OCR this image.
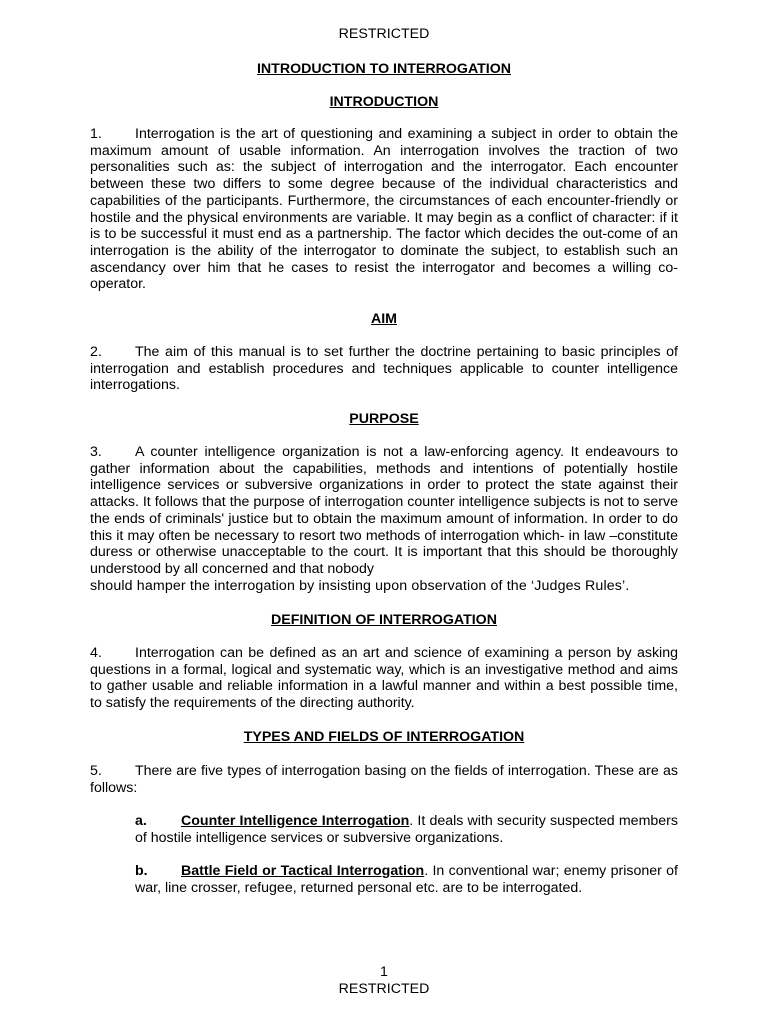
RESTRICTED
INTRODUCTION TO INTERROGATION
INTRODUCTION

1. Interrogation is the art of questioning and examining a subject in order to obtain the maximum amount of usable information. An interrogation involves the traction of two personalities such as: the subject of interrogation and the interrogator. Each encounter between these two differs to some degree because of the individual characteristics and capabilities of the participants. Furthermore, the circumstances of each encounter-friendly or hostile and the physical environments are variable. It may begin as a conflict of character: if it is to be successful it must end as a partnership. The factor which decides the out-come of an interrogation is the ability of the interrogator to dominate the subject, to establish such an ascendancy over him that he cases to resist the interrogator and becomes a willing co-operator.

AIM

2. The aim of this manual is to set further the doctrine pertaining to basic principles of interrogation and establish procedures and techniques applicable to counter intelligence interrogations.

PURPOSE

3. A counter intelligence organization is not a law-enforcing agency. It endeavours to gather information about the capabilities, methods and intentions of potentially hostile intelligence services or subversive organizations in order to protect the state against their attacks. It follows that the purpose of interrogation counter intelligence subjects is not to serve the ends of criminals' justice but to obtain the maximum amount of information. In order to do this it may often be necessary to resort two methods of interrogation which- in law –constitute duress or otherwise unacceptable to the court. It is important that this should be thoroughly understood by all concerned and that nobody

should hamper the interrogation by insisting upon observation of the ‘Judges Rules’.
DEFINITION OF INTERROGATION

4. Interrogation can be defined as an art and science of examining a person by asking questions in a formal, logical and systematic way, which is an investigative method and aims to gather usable and reliable information in a lawful manner and within a best possible time, to satisfy the requirements of the directing authority.

TYPES AND FIELDS OF INTERROGATION

5. There are five types of interrogation basing on the fields of interrogation. These are as follows:

a. Counter Intelligence Interrogation. It deals with security suspected members of hostile intelligence services or subversive organizations.

b. Battle Field or Tactical Interrogation. In conventional war; enemy prisoner of war, line crosser, refugee, returned personal etc. are to be interrogated.

1
RESTRICTED
